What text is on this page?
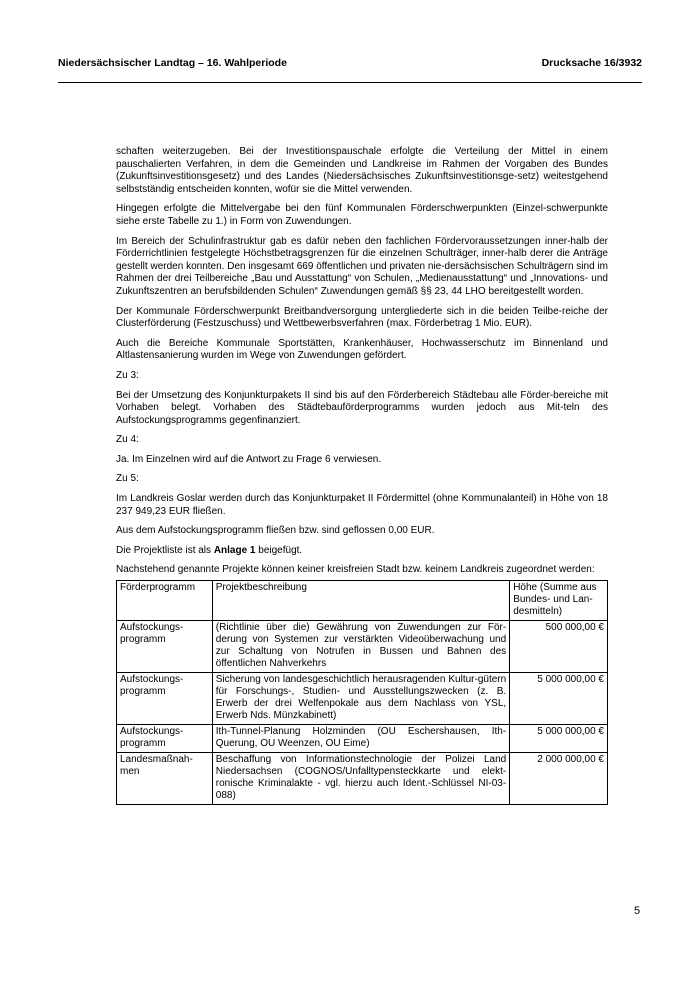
Niedersächsischer Landtag – 16. Wahlperiode	Drucksache 16/3932

schaften weiterzugeben. Bei der Investitionspauschale erfolgte die Verteilung der Mittel in einem pauschalierten Verfahren, in dem die Gemeinden und Landkreise im Rahmen der Vorgaben des Bundes (Zukunftsinvestitionsgesetz) und des Landes (Niedersächsisches Zukunftsinvestitionsge-setz) weitestgehend selbstständig entscheiden konnten, wofür sie die Mittel verwenden.

Hingegen erfolgte die Mittelvergabe bei den fünf Kommunalen Förderschwerpunkten (Einzel-schwerpunkte siehe erste Tabelle zu 1.) in Form von Zuwendungen.

Im Bereich der Schulinfrastruktur gab es dafür neben den fachlichen Fördervoraussetzungen inner-halb der Förderrichtlinien festgelegte Höchstbetragsgrenzen für die einzelnen Schulträger, inner-halb derer die Anträge gestellt werden konnten. Den insgesamt 669 öffentlichen und privaten nie-dersächsischen Schulträgern sind im Rahmen der drei Teilbereiche „Bau und Ausstattung“ von Schulen, „Medienausstattung“ und „Innovations- und Zukunftszentren an berufsbildenden Schulen“ Zuwendungen gemäß §§ 23, 44 LHO bereitgestellt worden.

Der Kommunale Förderschwerpunkt Breitbandversorgung untergliederte sich in die beiden Teilbe-reiche der Clusterförderung (Festzuschuss) und Wettbewerbsverfahren (max. Förderbetrag 1 Mio. EUR).

Auch die Bereiche Kommunale Sportstätten, Krankenhäuser, Hochwasserschutz im Binnenland und Altlastensanierung wurden im Wege von Zuwendungen gefördert.

Zu 3:

Bei der Umsetzung des Konjunkturpakets II sind bis auf den Förderbereich Städtebau alle Förder-bereiche mit Vorhaben belegt. Vorhaben des Städtebauförderprogramms wurden jedoch aus Mit-teln des Aufstockungsprogramms gegenfinanziert.

Zu 4:

Ja. Im Einzelnen wird auf die Antwort zu Frage 6 verwiesen.

Zu 5:

Im Landkreis Goslar werden durch das Konjunkturpaket II Fördermittel (ohne Kommunalanteil) in Höhe von 18 237 949,23 EUR fließen.

Aus dem Aufstockungsprogramm fließen bzw. sind geflossen 0,00 EUR.

Die Projektliste ist als Anlage 1 beigefügt.

Nachstehend genannte Projekte können keiner kreisfreien Stadt bzw. keinem Landkreis zugeordnet werden:

Förderprogramm	Projektbeschreibung	Höhe (Summe aus Bundes- und Lan-desmitteln)
Aufstockungs-programm	(Richtlinie über die) Gewährung von Zuwendungen zur För-derung von Systemen zur verstärkten Videoüberwachung und zur Schaltung von Notrufen in Bussen und Bahnen des öffentlichen Nahverkehrs	500 000,00 €
Aufstockungs-programm	Sicherung von landesgeschichtlich herausragenden Kultur-gütern für Forschungs-, Studien- und Ausstellungszwecken (z. B. Erwerb der drei Welfenpokale aus dem Nachlass von YSL, Erwerb Nds. Münzkabinett)	5 000 000,00 €
Aufstockungs-programm	Ith-Tunnel-Planung Holzminden (OU Eschershausen, Ith-Querung, OU Weenzen, OU Eime)	5 000 000,00 €
Landesmaßnah-men	Beschaffung von Informationstechnologie der Polizei Land Niedersachsen (COGNOS/Unfalltypensteckkarte und elekt-ronische Kriminalakte - vgl. hierzu auch Ident.-Schlüssel NI-03-088)	2 000 000,00 €
5
